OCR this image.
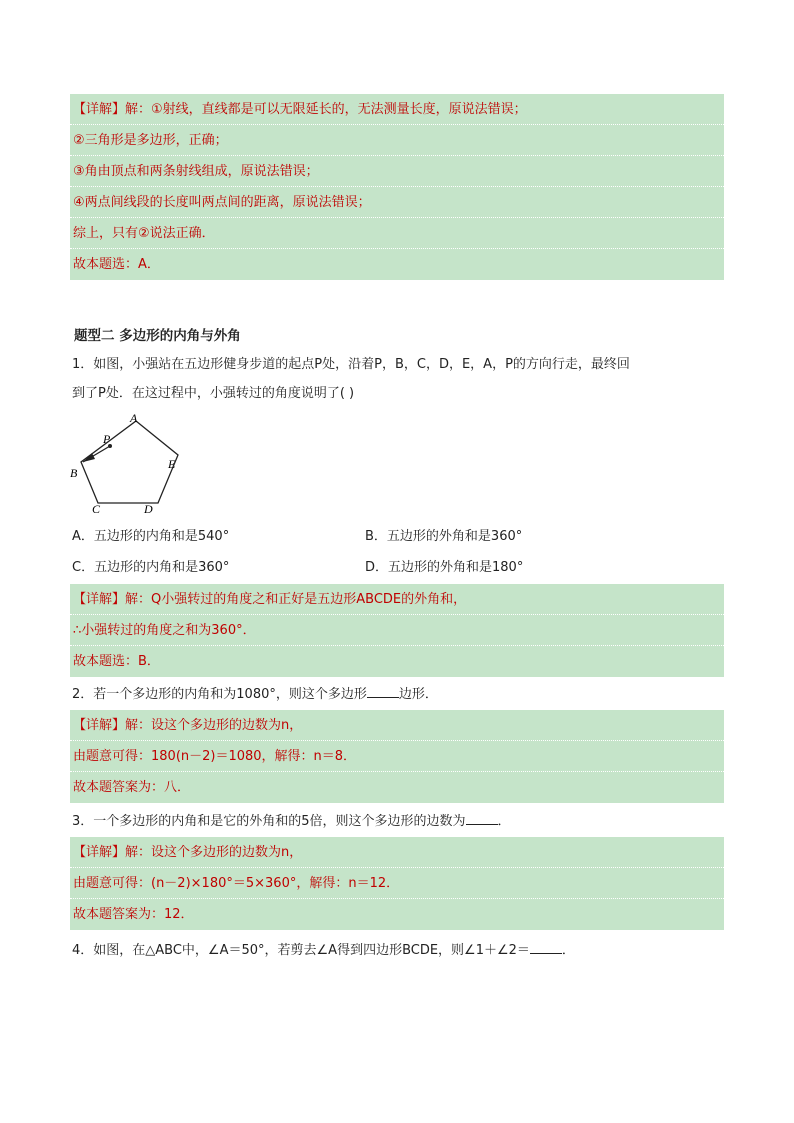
【详解】解：①射线，直线都是可以无限延长的，无法测量长度，原说法错误；
②三角形是多边形，正确；
③角由顶点和两条射线组成，原说法错误；
④两点间线段的长度叫两点间的距离，原说法错误；
综上，只有②说法正确．
故本题选：A．
题型二 多边形的内角与外角
1．如图，小强站在五边形健身步道的起点P处，沿着P，B，C，D，E，A，P的方向行走，最终回
到了P处．在这过程中，小强转过的角度说明了( )
A
B
C	D
E
P
A．五边形的内角和是540°	B．五边形的外角和是360°
C．五边形的内角和是360°	D．五边形的外角和是180°
【详解】解：Q小强转过的角度之和正好是五边形ABCDE的外角和，
∴小强转过的角度之和为360°．
故本题选：B．
2．若一个多边形的内角和为1080°，则这个多边形 边形．
【详解】解：设这个多边形的边数为n，
由题意可得：180(n－2)＝1080，解得：n＝8．
故本题答案为：八．
3．一个多边形的内角和是它的外角和的5倍，则这个多边形的边数为 ．
【详解】解：设这个多边形的边数为n，
由题意可得：(n－2)×180°＝5×360°，解得：n＝12．
故本题答案为：12．
4．如图，在△ABC中，∠A＝50°，若剪去∠A得到四边形BCDE，则∠1＋∠2＝ ．
